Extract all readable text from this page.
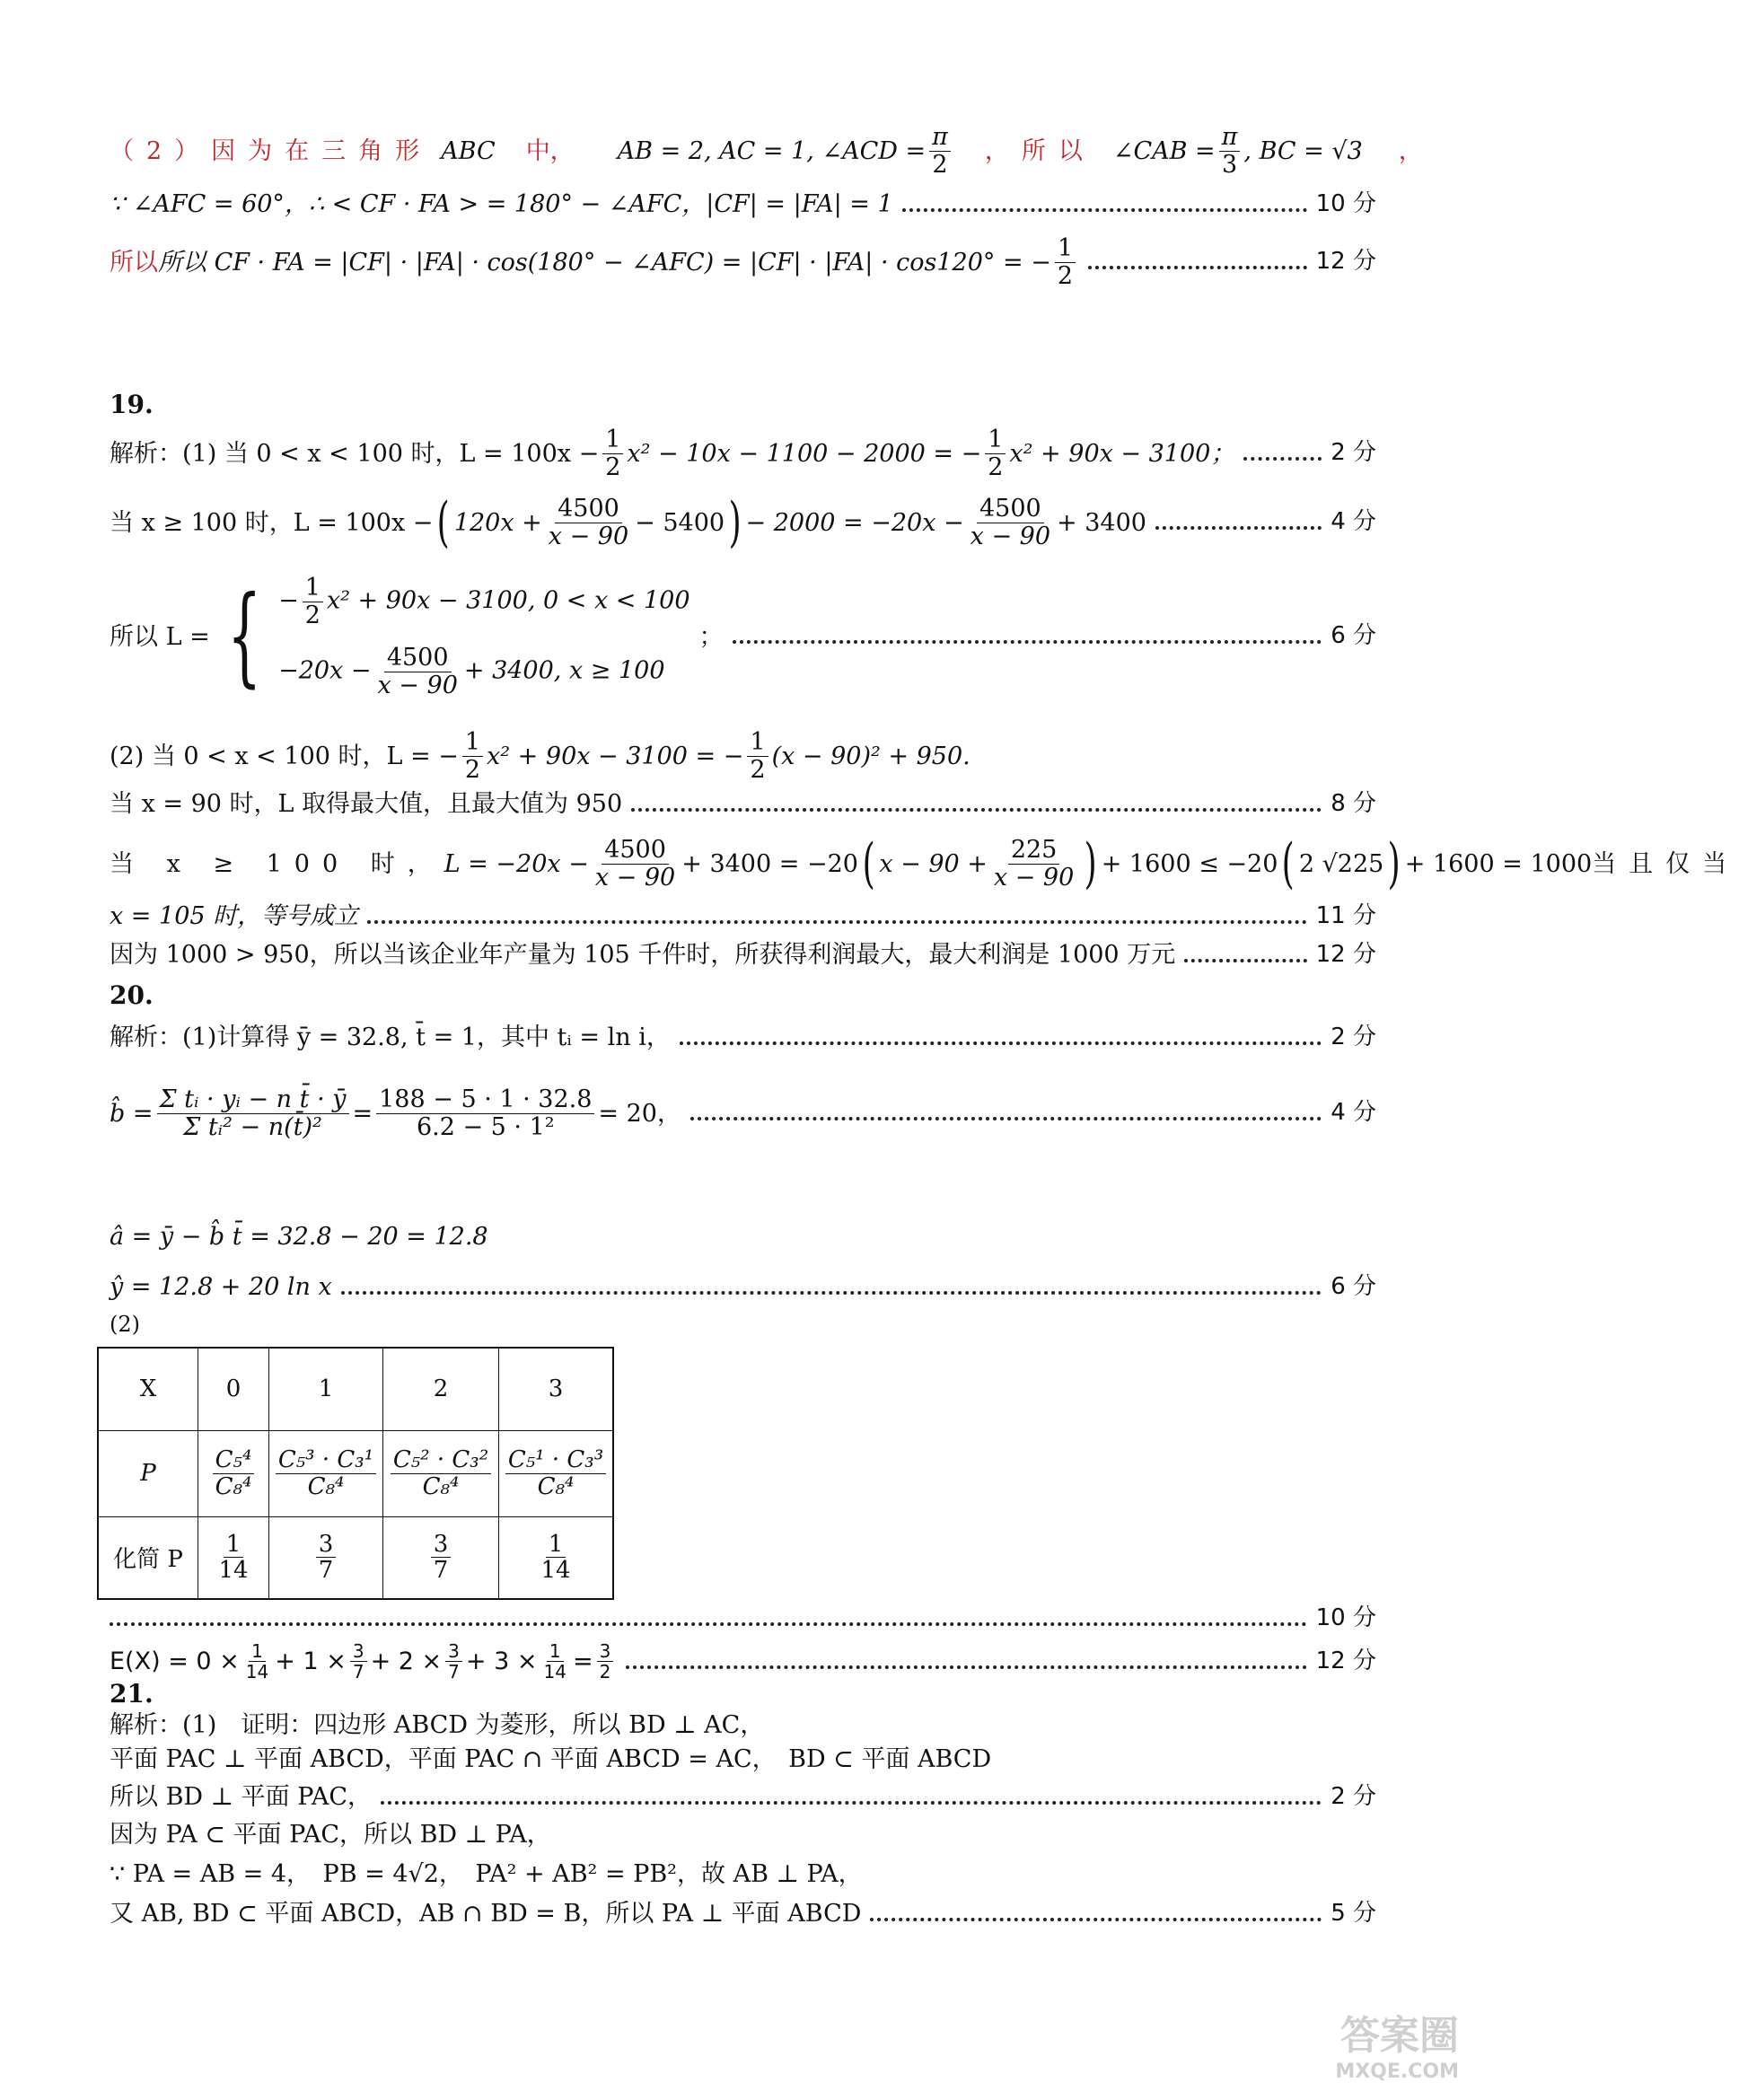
（2）因为在三角形 ABC 中， AB = 2, AC = 1, ∠ACD = $\frac{\pi}{2}$ ，所以 ∠CAB = $\frac{\pi}{3}$ , BC = √3 ，
∵ ∠AFC = 60°，∴ < CF · FA > = 180° − ∠AFC，|CF| = |FA| = 1	10 分
所以 所以 CF · FA = |CF| · |FA| · cos(180° − ∠AFC) = |CF| · |FA| · cos120° = − $\frac{1}{2}$	12 分
19.
解析：(1) 当 0 < x < 100 时，$L = 100x - \frac{1}{2} x^2 - 10x - 1100 - 2000$ = − $\frac{1}{2} x^2 + 90x - 3100$；	2 分
当 x ≥ 100 时，L = 100x − ( $120x + \frac{4500}{x - 90} - 5400$ ) − $2000 = -20x - \frac{4500}{x - 90} + 3400$	4 分
所以 L = { − $\frac{1}{2} x^2 + 90x - 3100$, 0 < x < 100
$-20x - \frac{4500}{x - 90} + 3400$, x ≥ 100
；	6 分
(2) 当 0 < x < 100 时，L = − $\frac{1}{2} x^2 + 90x - 3100$ = − $\frac{1}{2} (x - 90)^2 + 950$.
当 x = 90 时，L 取得最大值，且最大值为 950	8 分
当 x ≥ 100 时， $L = -20x - \frac{4500}{x - 90} + 3400 = -20$ ( $x - 90 + \frac{225}{x - 90}$ ) + 1600 ≤ −20 ( 2 √225 ) + 1600 = 1000 当且仅当
x = 105 时，等号成立	11 分
因为 1000 > 950，所以当该企业年产量为 105 千件时，所获得利润最大，最大利润是 1000 万元	12 分
20.
解析：(1)计算得 ȳ = 32.8, t̄ = 1，其中 tᵢ = ln i，	2 分
b̂ = $\frac{\text{Σ tᵢ · yᵢ − n t̄ · ȳ}}{\text{Σ tᵢ² − n(t̄)²}} = \frac{188 - 5 \cdot 1 \cdot 32.8}{\text{6.2 − 5 · 1²}} = 20$，	4 分
â = ȳ − b̂ t̄ = 32.8 − 20 = 12.8
ŷ = 12.8 + 20 ln x	6 分
(2)
X	0	1	2	3
P	$\frac{\text{C₅⁴}}{\text{C₈⁴}}$	$\frac{\text{C₅³ · C₃¹}}{\text{C₈⁴}}$	$\frac{\text{C₅² · C₃²}}{\text{C₈⁴}}$	$\frac{\text{C₅¹ · C₃³}}{\text{C₈⁴}}$

化简 P	$\frac{1}{14}$	$\frac{3}{7}$	$\frac{3}{7}$	$\frac{1}{14}$
10 分
$E(X) = 0 \times \frac{1}{14} + 1 \times \frac{3}{7} + 2 \times \frac{3}{7} + 3 \times \frac{1}{14} = \frac{3}{2}$	12 分
21.
解析：(1)　证明：四边形 ABCD 为菱形，所以 BD ⊥ AC，
平面 PAC ⊥ 平面 ABCD，平面 PAC ∩ 平面 ABCD = AC，　BD ⊂ 平面 ABCD
所以 BD ⊥ 平面 PAC，	2 分
因为 PA ⊂ 平面 PAC，所以 BD ⊥ PA，
∵ PA = AB = 4，　PB = 4√2，　PA² + AB² = PB²，故 AB ⊥ PA，
又 AB, BD ⊂ 平面 ABCD，AB ∩ BD = B，所以 PA ⊥ 平面 ABCD	5 分
答案圈
MXQE.COM
